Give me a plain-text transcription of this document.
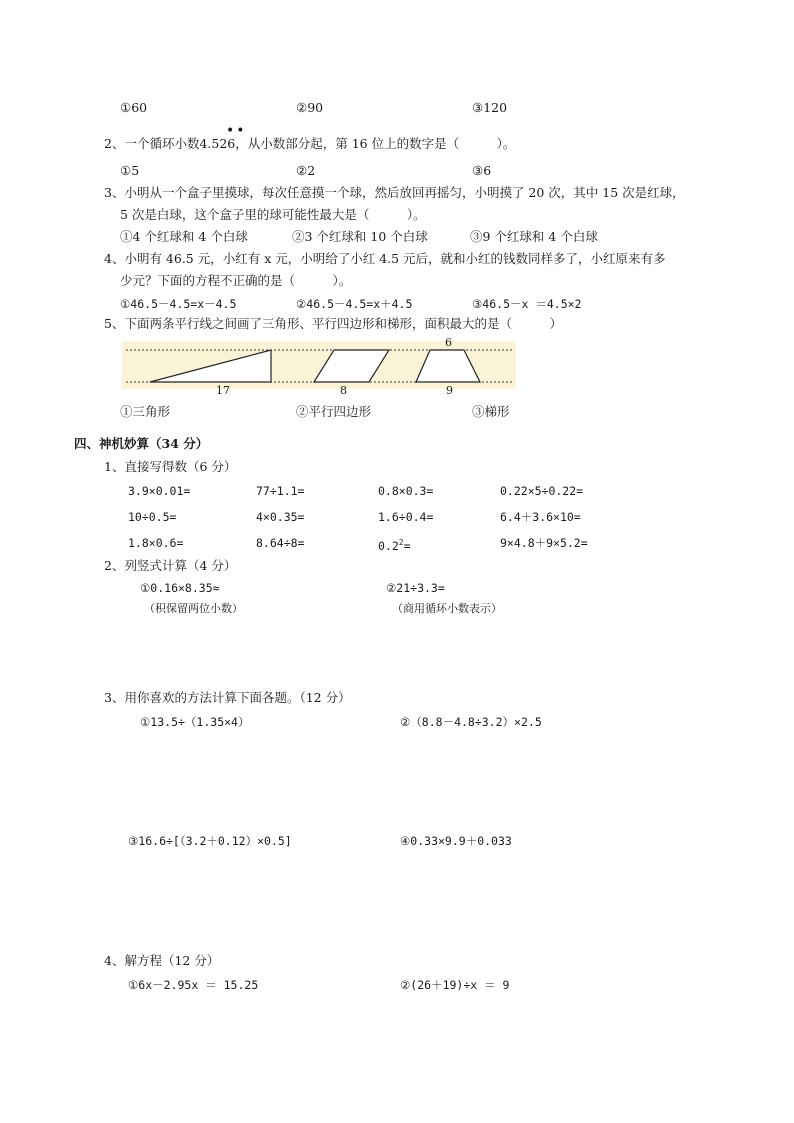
①60	②90	③120
••
2、一个循环小数4.526，从小数部分起，第 16 位上的数字是（　　　）。
①5	②2	③6
3、小明从一个盒子里摸球，每次任意摸一个球，然后放回再摇匀，小明摸了 20 次，其中 15 次是红球，
5 次是白球，这个盒子里的球可能性最大是（　　　）。
①4 个红球和 4 个白球	②3 个红球和 10 个白球	③9 个红球和 4 个白球
4、小明有 46.5 元，小红有 x 元，小明给了小红 4.5 元后，就和小红的钱数同样多了，小红原来有多
少元？下面的方程不正确的是（　　　）。
①46.5－4.5=x－4.5	②46.5－4.5=x＋4.5	③46.5－x ＝4.5×2
5、下面两条平行线之间画了三角形、平行四边形和梯形，面积最大的是（　　　）
17	8
6
9
①三角形	②平行四边形	③梯形
四、神机妙算（34 分）
1、直接写得数（6 分）
3.9×0.01=	77÷1.1=	0.8×0.3=	0.22×5÷0.22=
10÷0.5=	4×0.35=	1.6÷0.4=	6.4＋3.6×10=
1.8×0.6=	8.64÷8=	$0.2^2=$	9×4.8＋9×5.2=
2、列竖式计算（4 分）
①0.16×8.35≈
（积保留两位小数）
②21÷3.3=
（商用循环小数表示）
3、用你喜欢的方法计算下面各题。（12 分）
①13.5÷（1.35×4）	②（8.8－4.8÷3.2）×2.5
③16.6÷[（3.2＋0.12）×0.5]	④0.33×9.9＋0.033
4、解方程（12 分）
①6x－2.95x ＝ 15.25	②(26＋19)÷x ＝ 9
